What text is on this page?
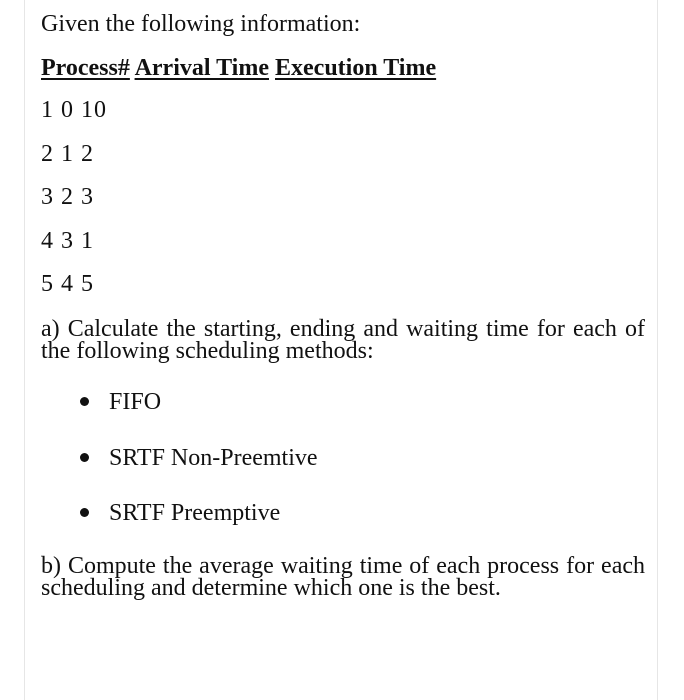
Given the following information:
Process# Arrival Time Execution Time
1 0 10
2 1 2
3 2 3
4 3 1
5 4 5
a) Calculate the starting, ending and waiting time for each of the following scheduling methods:
FIFO
SRTF Non-Preemtive
SRTF Preemptive
b) Compute the average waiting time of each process for each scheduling and determine which one is the best.
